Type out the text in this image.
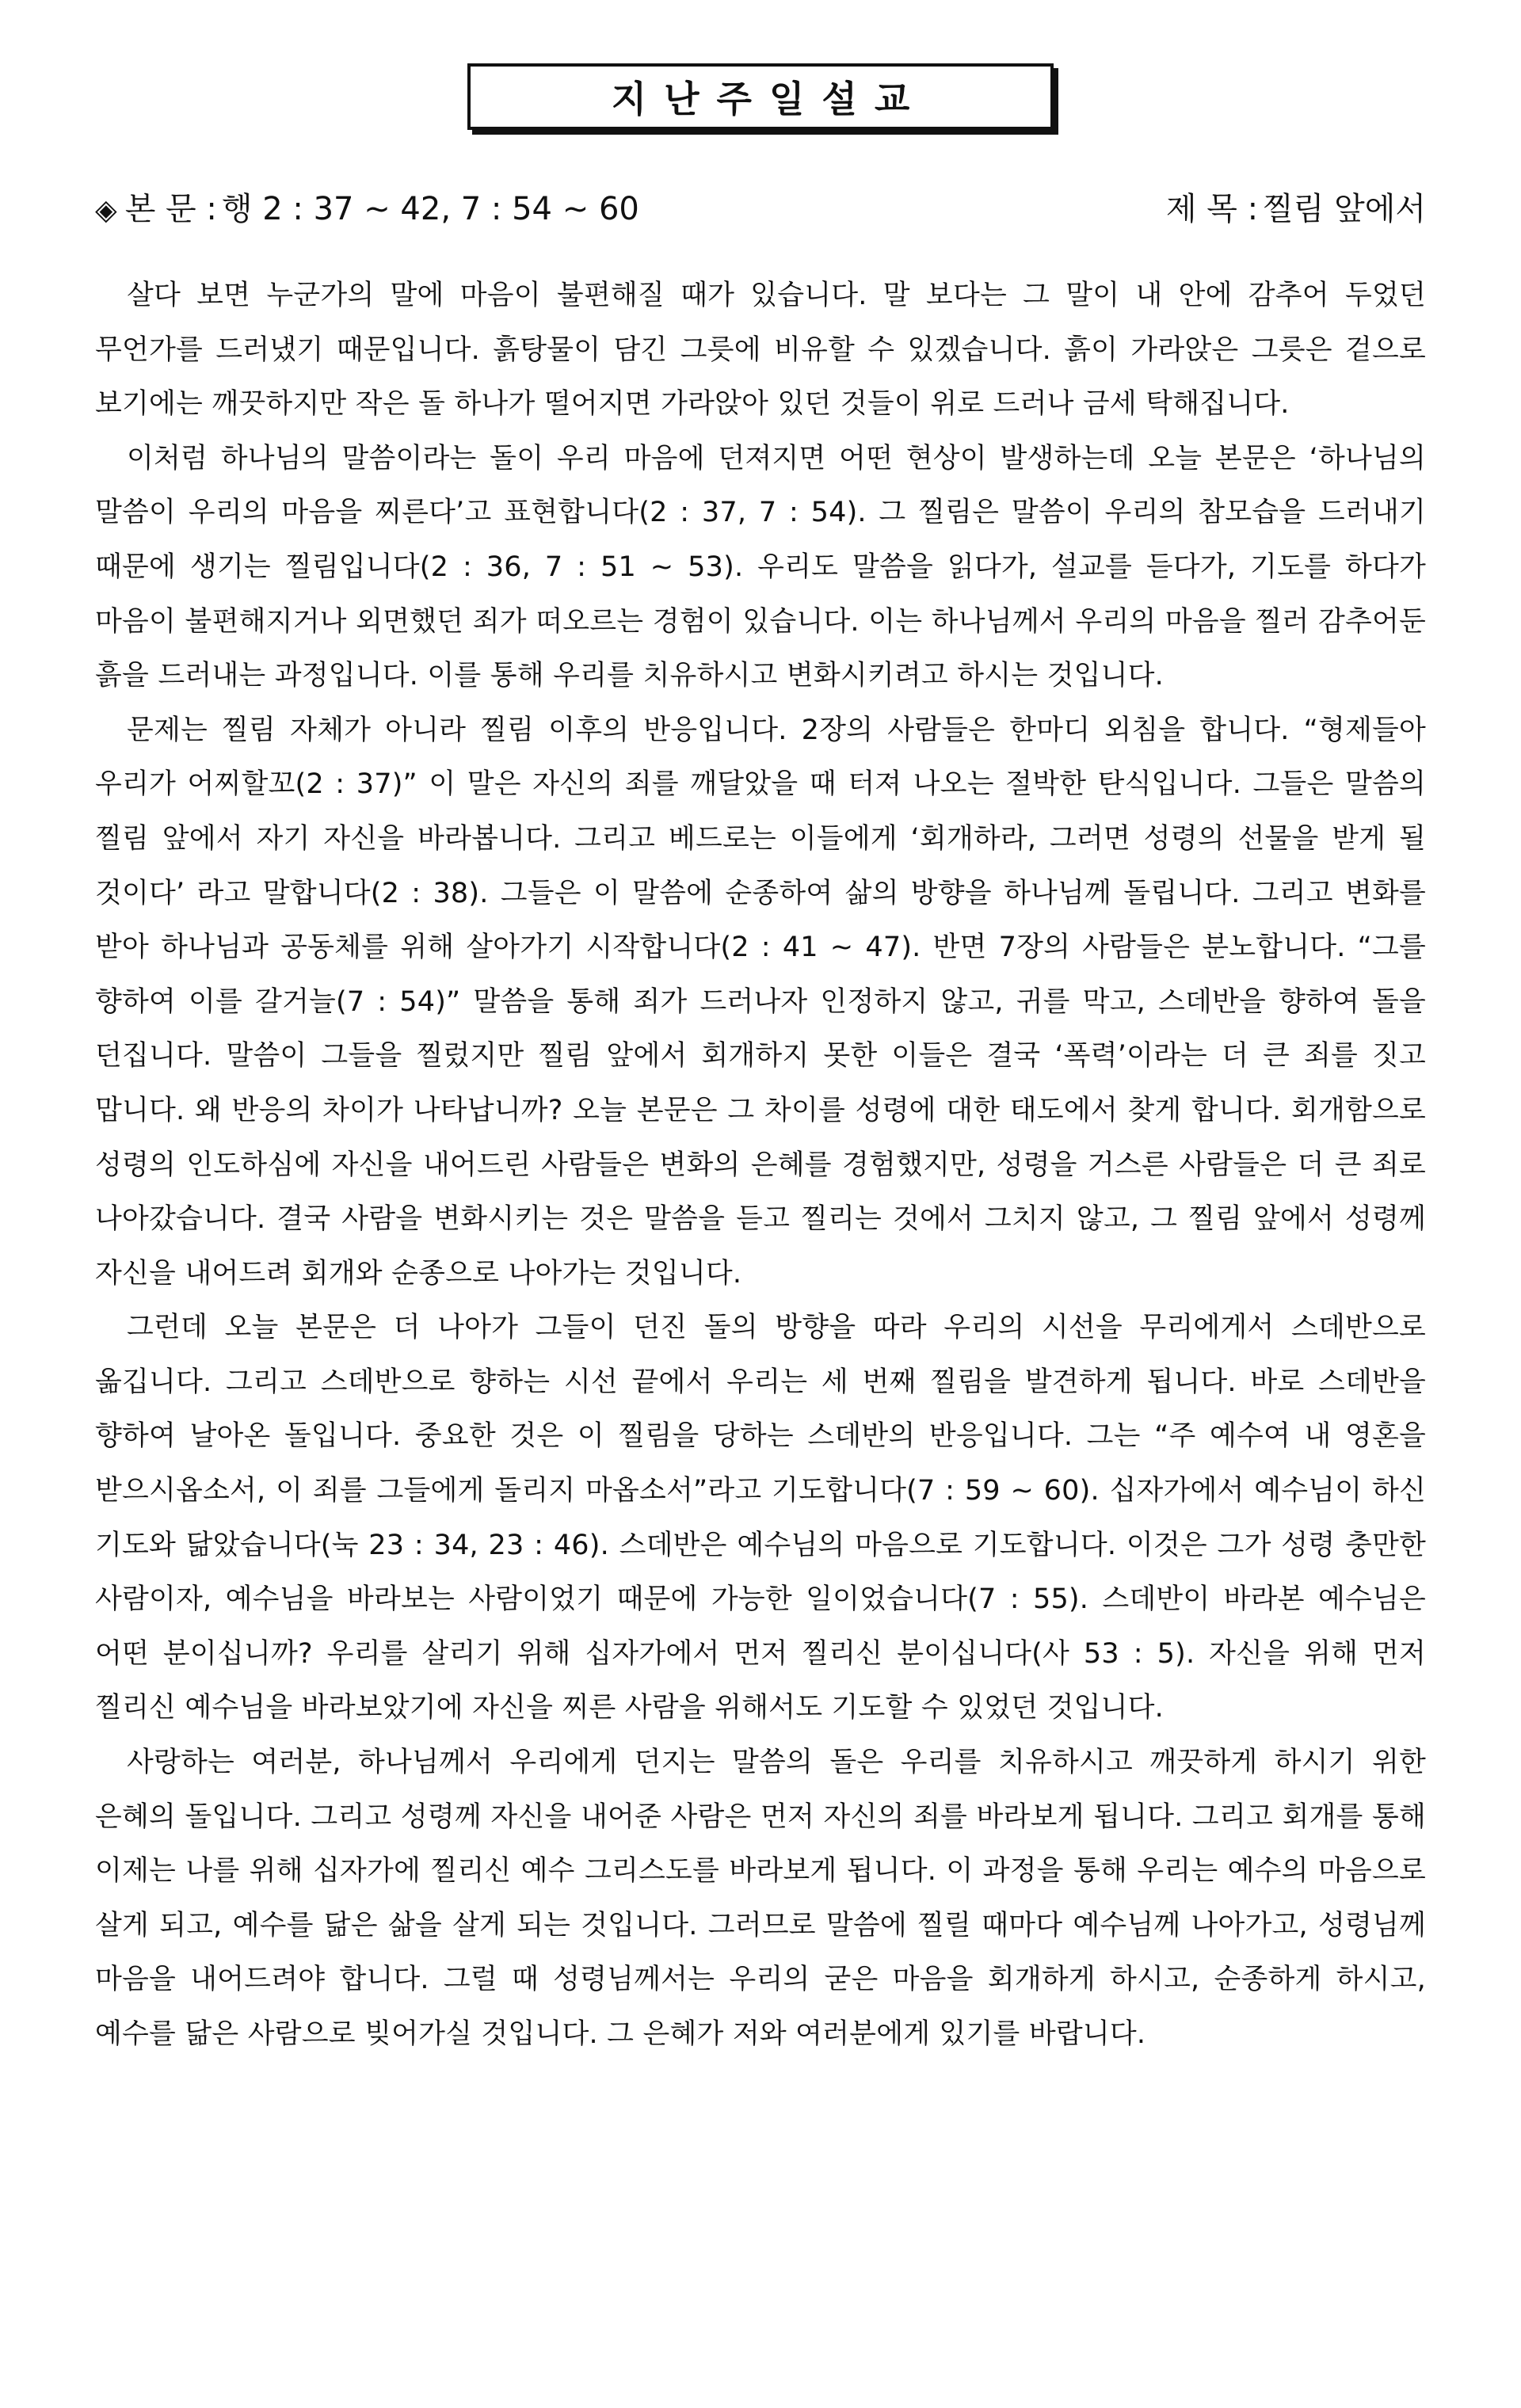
지난주일설교
◈ 본 문 : 행 2 : 37 ~ 42, 7 : 54 ~ 60	제 목 : 찔림 앞에서

살다 보면 누군가의 말에 마음이 불편해질 때가 있습니다. 말 보다는 그 말이 내 안에 감추어 두었던 무언가를 드러냈기 때문입니다. 흙탕물이 담긴 그릇에 비유할 수 있겠습니다. 흙이 가라앉은 그릇은 겉으로 보기에는 깨끗하지만 작은 돌 하나가 떨어지면 가라앉아 있던 것들이 위로 드러나 금세 탁해집니다.

이처럼 하나님의 말씀이라는 돌이 우리 마음에 던져지면 어떤 현상이 발생하는데 오늘 본문은 ‘하나님의 말씀이 우리의 마음을 찌른다’고 표현합니다(2 : 37, 7 : 54). 그 찔림은 말씀이 우리의 참모습을 드러내기 때문에 생기는 찔림입니다(2 : 36, 7 : 51 ~ 53). 우리도 말씀을 읽다가, 설교를 듣다가, 기도를 하다가 마음이 불편해지거나 외면했던 죄가 떠오르는 경험이 있습니다. 이는 하나님께서 우리의 마음을 찔러 감추어둔 흙을 드러내는 과정입니다. 이를 통해 우리를 치유하시고 변화시키려고 하시는 것입니다.

문제는 찔림 자체가 아니라 찔림 이후의 반응입니다. 2장의 사람들은 한마디 외침을 합니다. “형제들아 우리가 어찌할꼬(2 : 37)” 이 말은 자신의 죄를 깨달았을 때 터져 나오는 절박한 탄식입니다. 그들은 말씀의 찔림 앞에서 자기 자신을 바라봅니다. 그리고 베드로는 이들에게 ‘회개하라, 그러면 성령의 선물을 받게 될 것이다’ 라고 말합니다(2 : 38). 그들은 이 말씀에 순종하여 삶의 방향을 하나님께 돌립니다. 그리고 변화를 받아 하나님과 공동체를 위해 살아가기 시작합니다(2 : 41 ~ 47). 반면 7장의 사람들은 분노합니다. “그를 향하여 이를 갈거늘(7 : 54)” 말씀을 통해 죄가 드러나자 인정하지 않고, 귀를 막고, 스데반을 향하여 돌을 던집니다. 말씀이 그들을 찔렀지만 찔림 앞에서 회개하지 못한 이들은 결국 ‘폭력’이라는 더 큰 죄를 짓고 맙니다. 왜 반응의 차이가 나타납니까? 오늘 본문은 그 차이를 성령에 대한 태도에서 찾게 합니다. 회개함으로 성령의 인도하심에 자신을 내어드린 사람들은 변화의 은혜를 경험했지만, 성령을 거스른 사람들은 더 큰 죄로 나아갔습니다. 결국 사람을 변화시키는 것은 말씀을 듣고 찔리는 것에서 그치지 않고, 그 찔림 앞에서 성령께 자신을 내어드려 회개와 순종으로 나아가는 것입니다.

그런데 오늘 본문은 더 나아가 그들이 던진 돌의 방향을 따라 우리의 시선을 무리에게서 스데반으로 옮깁니다. 그리고 스데반으로 향하는 시선 끝에서 우리는 세 번째 찔림을 발견하게 됩니다. 바로 스데반을 향하여 날아온 돌입니다. 중요한 것은 이 찔림을 당하는 스데반의 반응입니다. 그는 “주 예수여 내 영혼을 받으시옵소서, 이 죄를 그들에게 돌리지 마옵소서”라고 기도합니다(7 : 59 ~ 60). 십자가에서 예수님이 하신 기도와 닮았습니다(눅 23 : 34, 23 : 46). 스데반은 예수님의 마음으로 기도합니다. 이것은 그가 성령 충만한 사람이자, 예수님을 바라보는 사람이었기 때문에 가능한 일이었습니다(7 : 55). 스데반이 바라본 예수님은 어떤 분이십니까? 우리를 살리기 위해 십자가에서 먼저 찔리신 분이십니다(사 53 : 5). 자신을 위해 먼저 찔리신 예수님을 바라보았기에 자신을 찌른 사람을 위해서도 기도할 수 있었던 것입니다.

사랑하는 여러분, 하나님께서 우리에게 던지는 말씀의 돌은 우리를 치유하시고 깨끗하게 하시기 위한 은혜의 돌입니다. 그리고 성령께 자신을 내어준 사람은 먼저 자신의 죄를 바라보게 됩니다. 그리고 회개를 통해 이제는 나를 위해 십자가에 찔리신 예수 그리스도를 바라보게 됩니다. 이 과정을 통해 우리는 예수의 마음으로 살게 되고, 예수를 닮은 삶을 살게 되는 것입니다. 그러므로 말씀에 찔릴 때마다 예수님께 나아가고, 성령님께 마음을 내어드려야 합니다. 그럴 때 성령님께서는 우리의 굳은 마음을 회개하게 하시고, 순종하게 하시고, 예수를 닮은 사람으로 빚어가실 것입니다. 그 은혜가 저와 여러분에게 있기를 바랍니다.
